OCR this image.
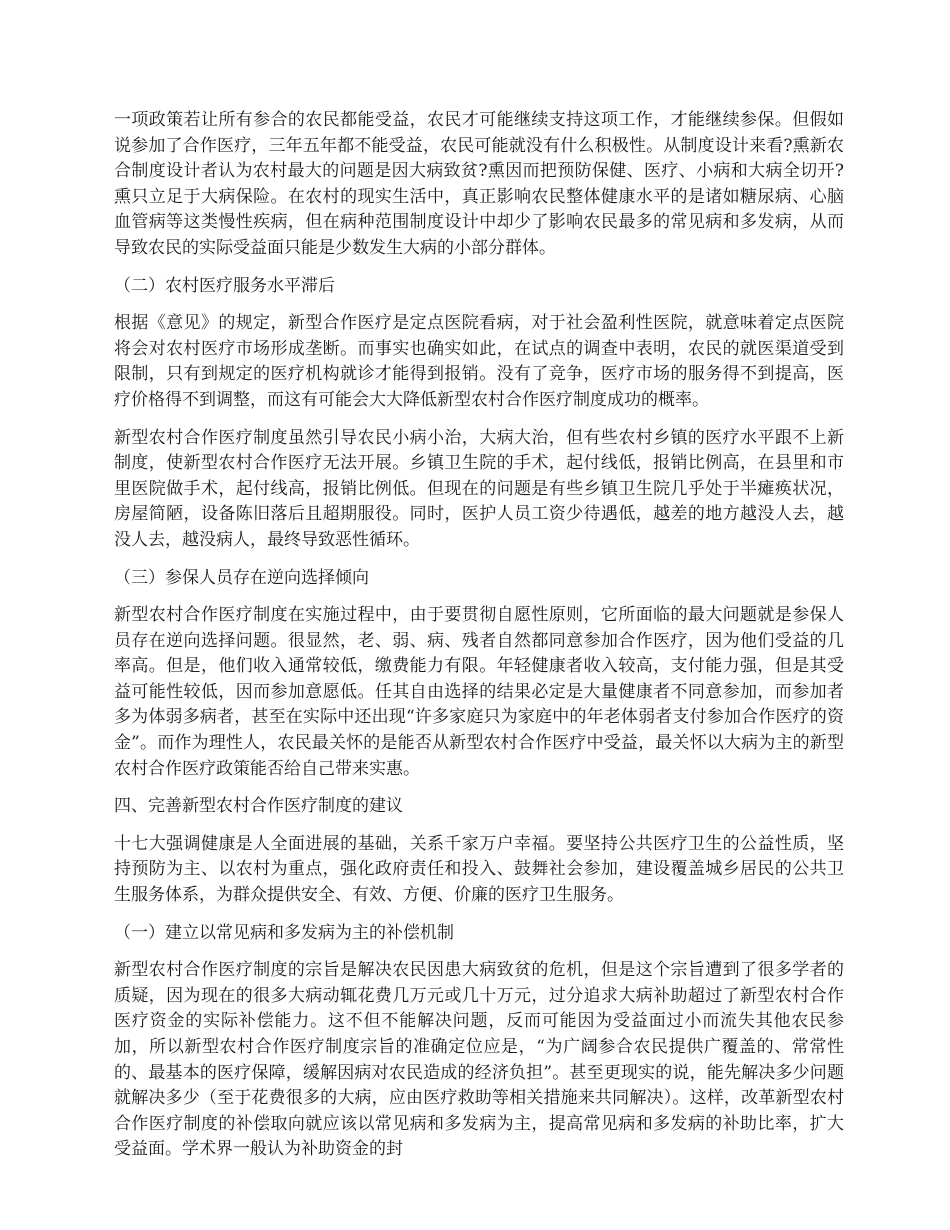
一项政策若让所有参合的农民都能受益，农民才可能继续支持这项工作，才能继续参保。但假如说参加了合作医疗，三年五年都不能受益，农民可能就没有什么积极性。从制度设计来看?熏新农合制度设计者认为农村最大的问题是因大病致贫?熏因而把预防保健、医疗、小病和大病全切开?熏只立足于大病保险。在农村的现实生活中，真正影响农民整体健康水平的是诸如糖尿病、心脑血管病等这类慢性疾病，但在病种范围制度设计中却少了影响农民最多的常见病和多发病，从而导致农民的实际受益面只能是少数发生大病的小部分群体。

（二）农村医疗服务水平滞后

根据《意见》的规定，新型合作医疗是定点医院看病，对于社会盈利性医院，就意味着定点医院将会对农村医疗市场形成垄断。而事实也确实如此，在试点的调查中表明，农民的就医渠道受到限制，只有到规定的医疗机构就诊才能得到报销。没有了竞争，医疗市场的服务得不到提高，医疗价格得不到调整，而这有可能会大大降低新型农村合作医疗制度成功的概率。

新型农村合作医疗制度虽然引导农民小病小治，大病大治，但有些农村乡镇的医疗水平跟不上新制度，使新型农村合作医疗无法开展。乡镇卫生院的手术，起付线低，报销比例高，在县里和市里医院做手术，起付线高，报销比例低。但现在的问题是有些乡镇卫生院几乎处于半瘫痪状况，房屋简陋，设备陈旧落后且超期服役。同时，医护人员工资少待遇低，越差的地方越没人去，越没人去，越没病人，最终导致恶性循环。

（三）参保人员存在逆向选择倾向

新型农村合作医疗制度在实施过程中，由于要贯彻自愿性原则，它所面临的最大问题就是参保人员存在逆向选择问题。很显然，老、弱、病、残者自然都同意参加合作医疗，因为他们受益的几率高。但是，他们收入通常较低，缴费能力有限。年轻健康者收入较高，支付能力强，但是其受益可能性较低，因而参加意愿低。任其自由选择的结果必定是大量健康者不同意参加，而参加者多为体弱多病者，甚至在实际中还出现“许多家庭只为家庭中的年老体弱者支付参加合作医疗的资金”。而作为理性人，农民最关怀的是能否从新型农村合作医疗中受益，最关怀以大病为主的新型农村合作医疗政策能否给自己带来实惠。

四、完善新型农村合作医疗制度的建议

十七大强调健康是人全面进展的基础，关系千家万户幸福。要坚持公共医疗卫生的公益性质，坚持预防为主、以农村为重点，强化政府责任和投入、鼓舞社会参加，建设覆盖城乡居民的公共卫生服务体系，为群众提供安全、有效、方便、价廉的医疗卫生服务。

（一）建立以常见病和多发病为主的补偿机制

新型农村合作医疗制度的宗旨是解决农民因患大病致贫的危机，但是这个宗旨遭到了很多学者的质疑，因为现在的很多大病动辄花费几万元或几十万元，过分追求大病补助超过了新型农村合作医疗资金的实际补偿能力。这不但不能解决问题，反而可能因为受益面过小而流失其他农民参加，所以新型农村合作医疗制度宗旨的准确定位应是，“为广阔参合农民提供广覆盖的、常常性的、最基本的医疗保障，缓解因病对农民造成的经济负担”。甚至更现实的说，能先解决多少问题就解决多少（至于花费很多的大病，应由医疗救助等相关措施来共同解决）。这样，改革新型农村合作医疗制度的补偿取向就应该以常见病和多发病为主，提高常见病和多发病的补助比率，扩大受益面。学术界一般认为补助资金的封
